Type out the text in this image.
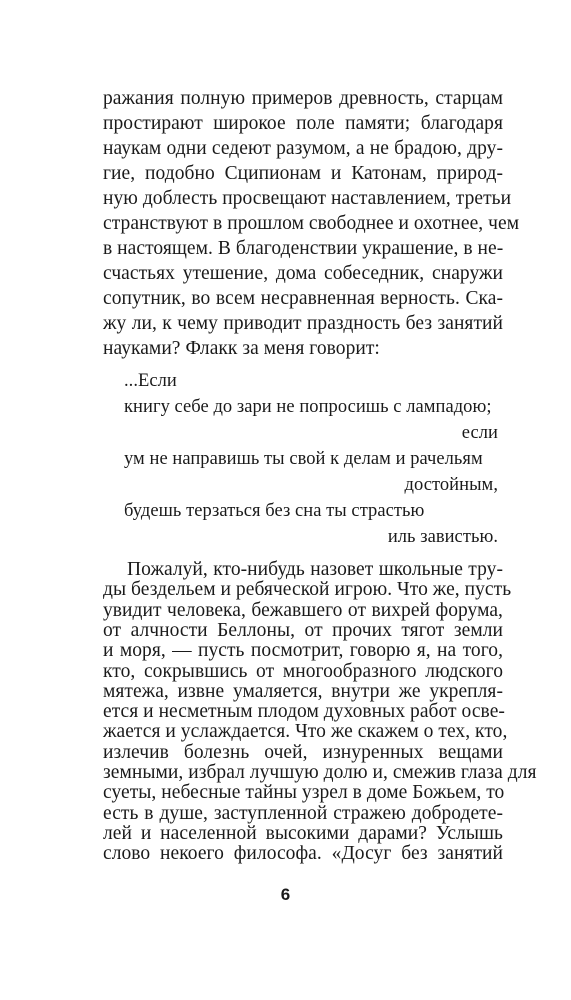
ражания полную примеров древность, старцам
простирают широкое поле памяти; благодаря
наукам одни седеют разумом, а не брадою, дру-
гие, подобно Сципионам и Катонам, природ-
ную доблесть просвещают наставлением, третьи
странствуют в прошлом свободнее и охотнее, чем
в настоящем. В благоденствии украшение, в не-
счастьях утешение, дома собеседник, снаружи
сопутник, во всем несравненная верность. Ска-
жу ли, к чему приводит праздность без занятий
науками? Флакк за меня говорит:
...Если
книгу себе до зари не попросишь с лампадою;
если
ум не направишь ты свой к делам и рачельям
достойным,
будешь терзаться без сна ты страстью
иль завистью.
Пожалуй, кто-нибудь назовет школьные тру-
6
ды бездельем и ребяческой игрою. Что же, пусть
увидит человека, бежавшего от вихрей форума,
от алчности Беллоны, от прочих тягот земли
и моря, — пусть посмотрит, говорю я, на того,
кто, сокрывшись от многообразного людского
мятежа, извне умаляется, внутри же укрепля-
ется и несметным плодом духовных работ осве-
жается и услаждается. Что же скажем о тех, кто,
излечив болезнь очей, изнуренных вещами
земными, избрал лучшую долю и, смежив глаза для
суеты, небесные тайны узрел в доме Божьем, то
есть в душе, заступленной стражею добродете-
лей и населенной высокими дарами? Услышь
слово некоего философа. «Досуг без занятий
